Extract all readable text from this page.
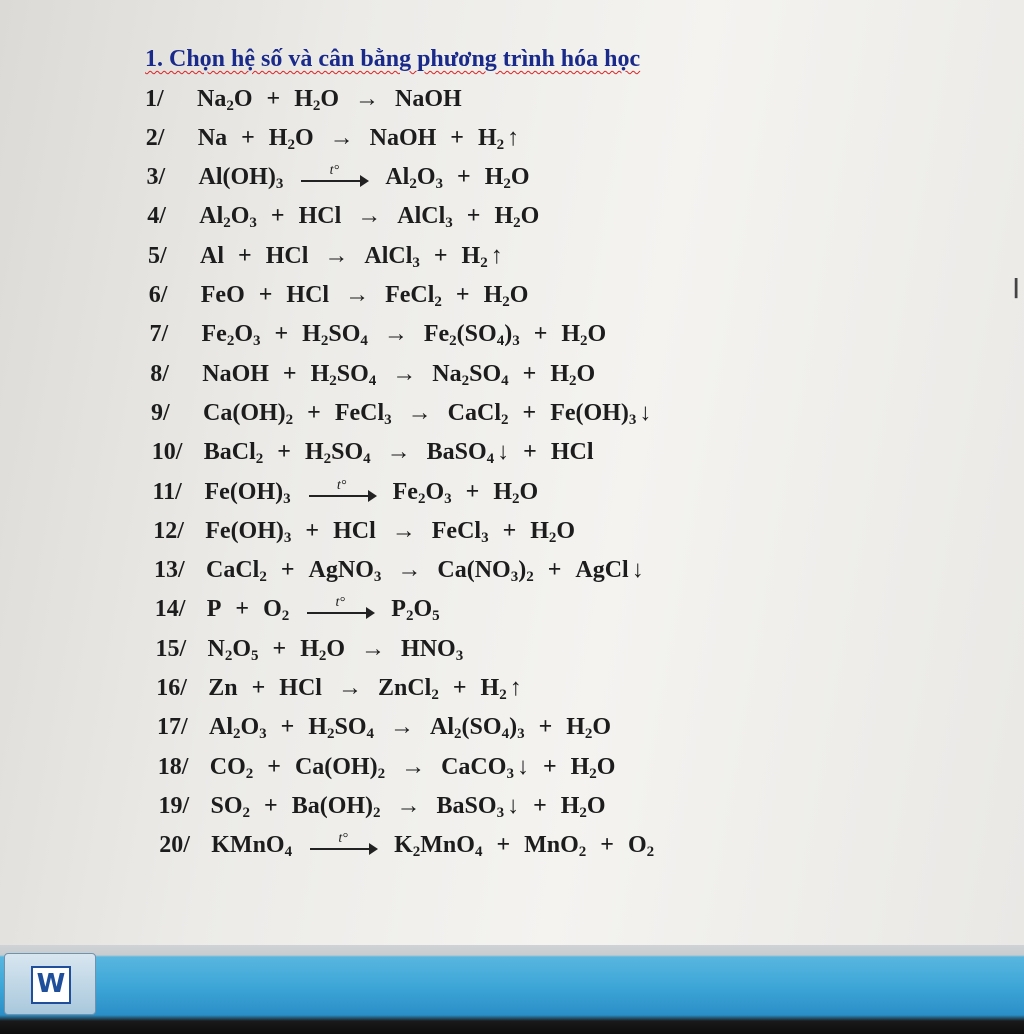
1. Chọn hệ số và cân bằng phương trình hóa học
1/	$Na_2O + H_2O$ → NaOH
2/	$Na + H_2O$ → NaOH + $H_2$ ↑
3/	$Al(OH)_3$
t° $Al_2O_3 + H_2O$
4/	$Al_2O_3$ + HCl → AlCl$_3$ + $H_2O$
5/	Al + HCl → AlCl$_3$ + $H_2$ ↑
6/	FeO + HCl → FeCl$_2$ + $H_2O$
7/	$Fe_2O_3 + H_2SO_4 \to Fe_2(SO_4)_3 + H_2O$
8/	NaOH + $H_2SO_4 \to Na_2SO_4 + H_2O$
9/	$Ca(OH)_2$ + FeCl$_3$ → CaCl$_2$ + $Fe(OH)_3$ ↓
10/ BaCl$_2$ + $H_2SO_4$ → BaSO$_4$ ↓ + HCl
11/ $Fe(OH)_3$
t° $Fe_2O_3 + H_2O$
12/ $Fe(OH)_3$ + HCl → FeCl$_3$ + $H_2O$
13/ CaCl$_2$ + AgNO$_3$ → $Ca(NO_3)_2$ + AgCl ↓
14/ $P + O_2$
t° $P_2O_5$
15/ $N_2O_5 + H_2O \to HNO_3$
16/ Zn + HCl → ZnCl$_2$ + $H_2$ ↑
17/ $Al_2O_3 + H_2SO_4 \to Al_2(SO_4)_3 + H_2O$
18/ $CO_2 + Ca(OH)_2$ → CaCO$_3$ ↓ + $H_2O$
19/ $SO_2 + Ba(OH)_2$ → BaSO$_3$ ↓ + $H_2O$
20/ KMnO$_4$
t° $K_2MnO_4 + MnO_2 + O_2$
I
W
